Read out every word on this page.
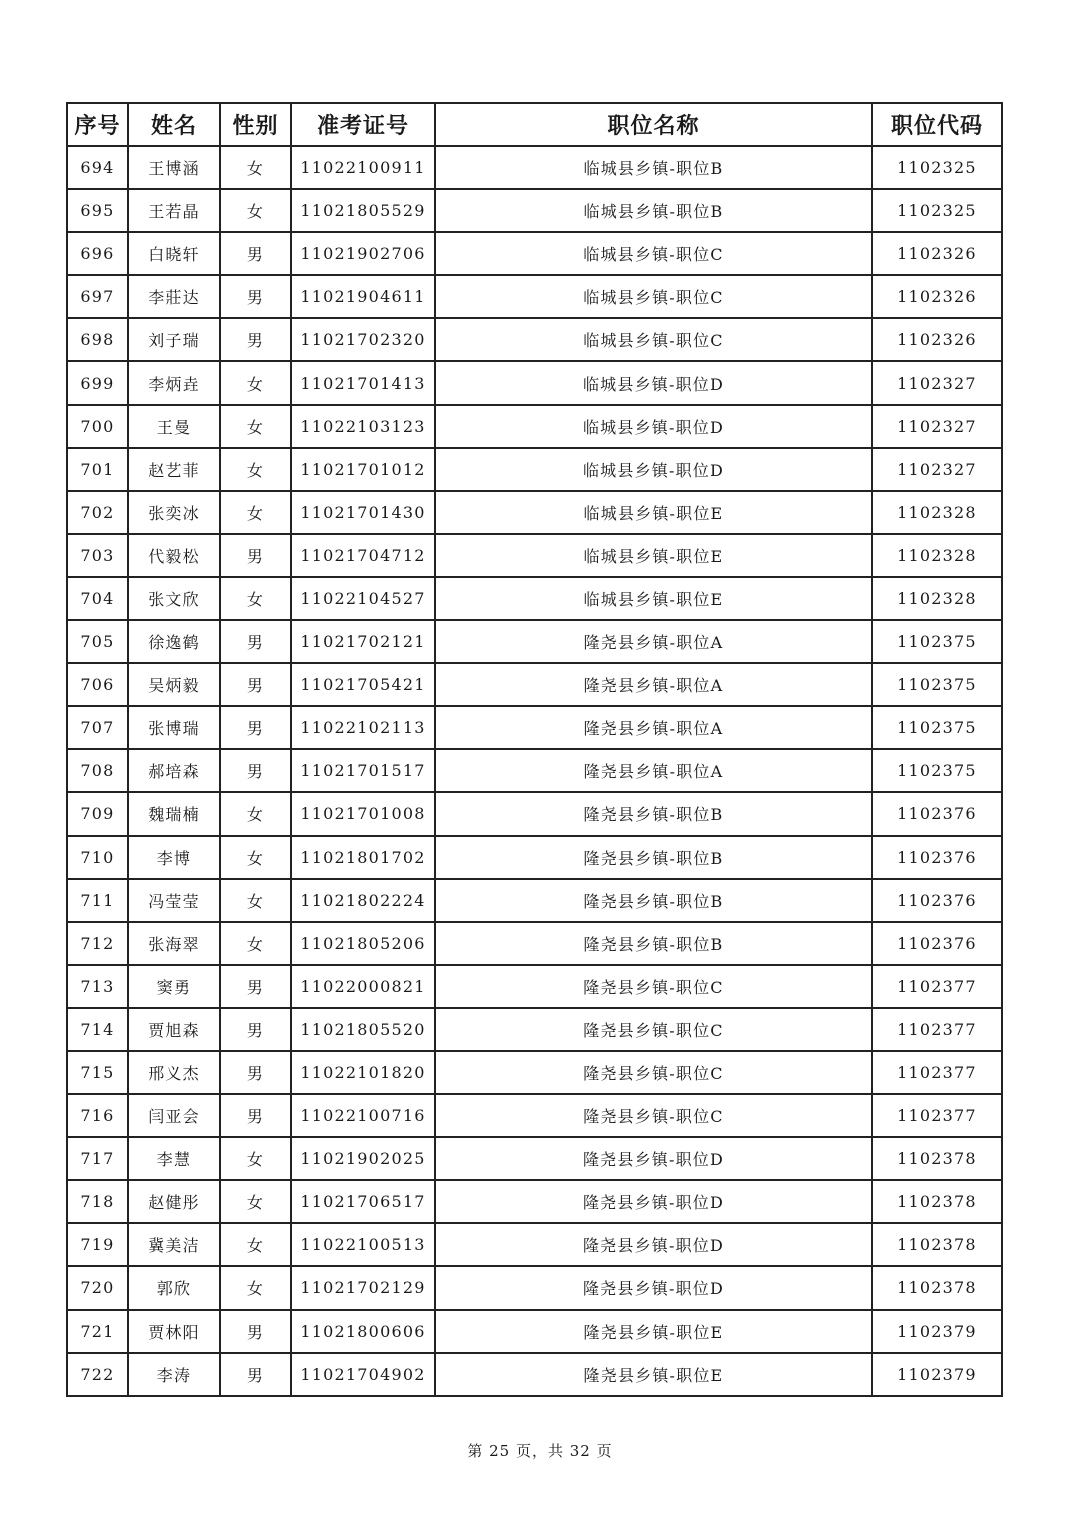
序号	姓名	性别	准考证号	职位名称	职位代码
694	王博涵	女	11022100911	临城县乡镇-职位B	1102325
695	王若晶	女	11021805529	临城县乡镇-职位B	1102325
696	白晓轩	男	11021902706	临城县乡镇-职位C	1102326
697	李莊达	男	11021904611	临城县乡镇-职位C	1102326
698	刘子瑞	男	11021702320	临城县乡镇-职位C	1102326
699	李炳垚	女	11021701413	临城县乡镇-职位D	1102327
700	王曼	女	11022103123	临城县乡镇-职位D	1102327
701	赵艺菲	女	11021701012	临城县乡镇-职位D	1102327
702	张奕冰	女	11021701430	临城县乡镇-职位E	1102328
703	代毅松	男	11021704712	临城县乡镇-职位E	1102328
704	张文欣	女	11022104527	临城县乡镇-职位E	1102328
705	徐逸鹤	男	11021702121	隆尧县乡镇-职位A	1102375
706	吴炳毅	男	11021705421	隆尧县乡镇-职位A	1102375
707	张博瑞	男	11022102113	隆尧县乡镇-职位A	1102375
708	郝培森	男	11021701517	隆尧县乡镇-职位A	1102375
709	魏瑞楠	女	11021701008	隆尧县乡镇-职位B	1102376
710	李博	女	11021801702	隆尧县乡镇-职位B	1102376
711	冯莹莹	女	11021802224	隆尧县乡镇-职位B	1102376
712	张海翠	女	11021805206	隆尧县乡镇-职位B	1102376
713	窦勇	男	11022000821	隆尧县乡镇-职位C	1102377
714	贾旭森	男	11021805520	隆尧县乡镇-职位C	1102377
715	邢义杰	男	11022101820	隆尧县乡镇-职位C	1102377
716	闫亚会	男	11022100716	隆尧县乡镇-职位C	1102377
717	李慧	女	11021902025	隆尧县乡镇-职位D	1102378
718	赵健彤	女	11021706517	隆尧县乡镇-职位D	1102378
719	冀美洁	女	11022100513	隆尧县乡镇-职位D	1102378
720	郭欣	女	11021702129	隆尧县乡镇-职位D	1102378
721	贾林阳	男	11021800606	隆尧县乡镇-职位E	1102379
722	李涛	男	11021704902	隆尧县乡镇-职位E	1102379
第 25 页，共 32 页
